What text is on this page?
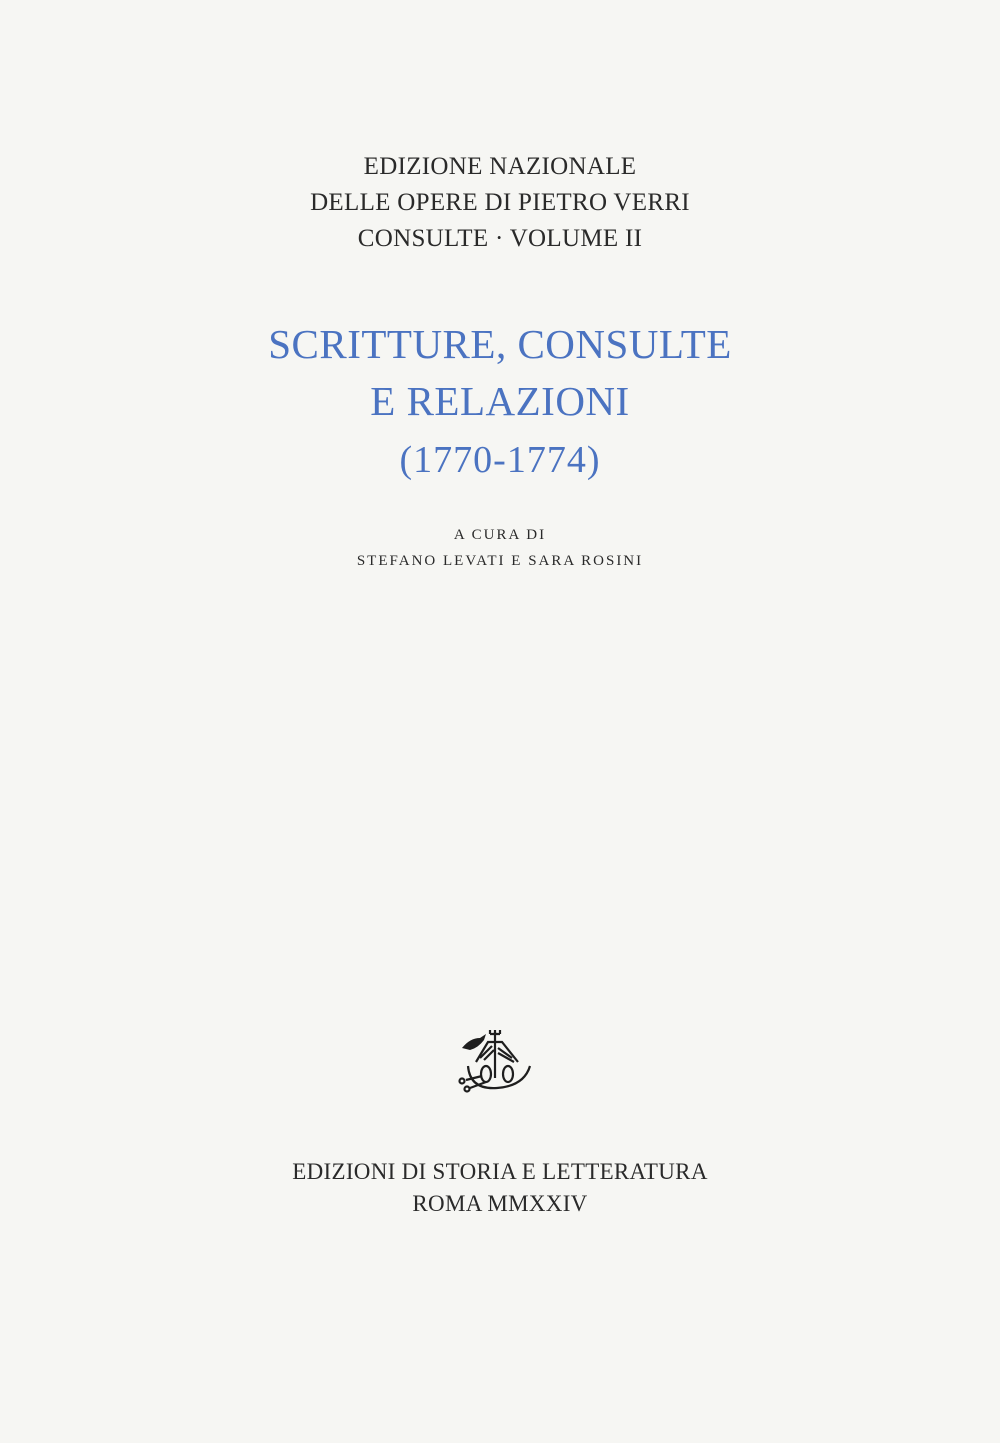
EDIZIONE NAZIONALE
DELLE OPERE DI PIETRO VERRI
CONSULTE · VOLUME II
SCRITTURE, CONSULTE
E RELAZIONI
(1770-1774)
A CURA DI
STEFANO LEVATI E SARA ROSINI
EDIZIONI DI STORIA E LETTERATURA
ROMA MMXXIV
